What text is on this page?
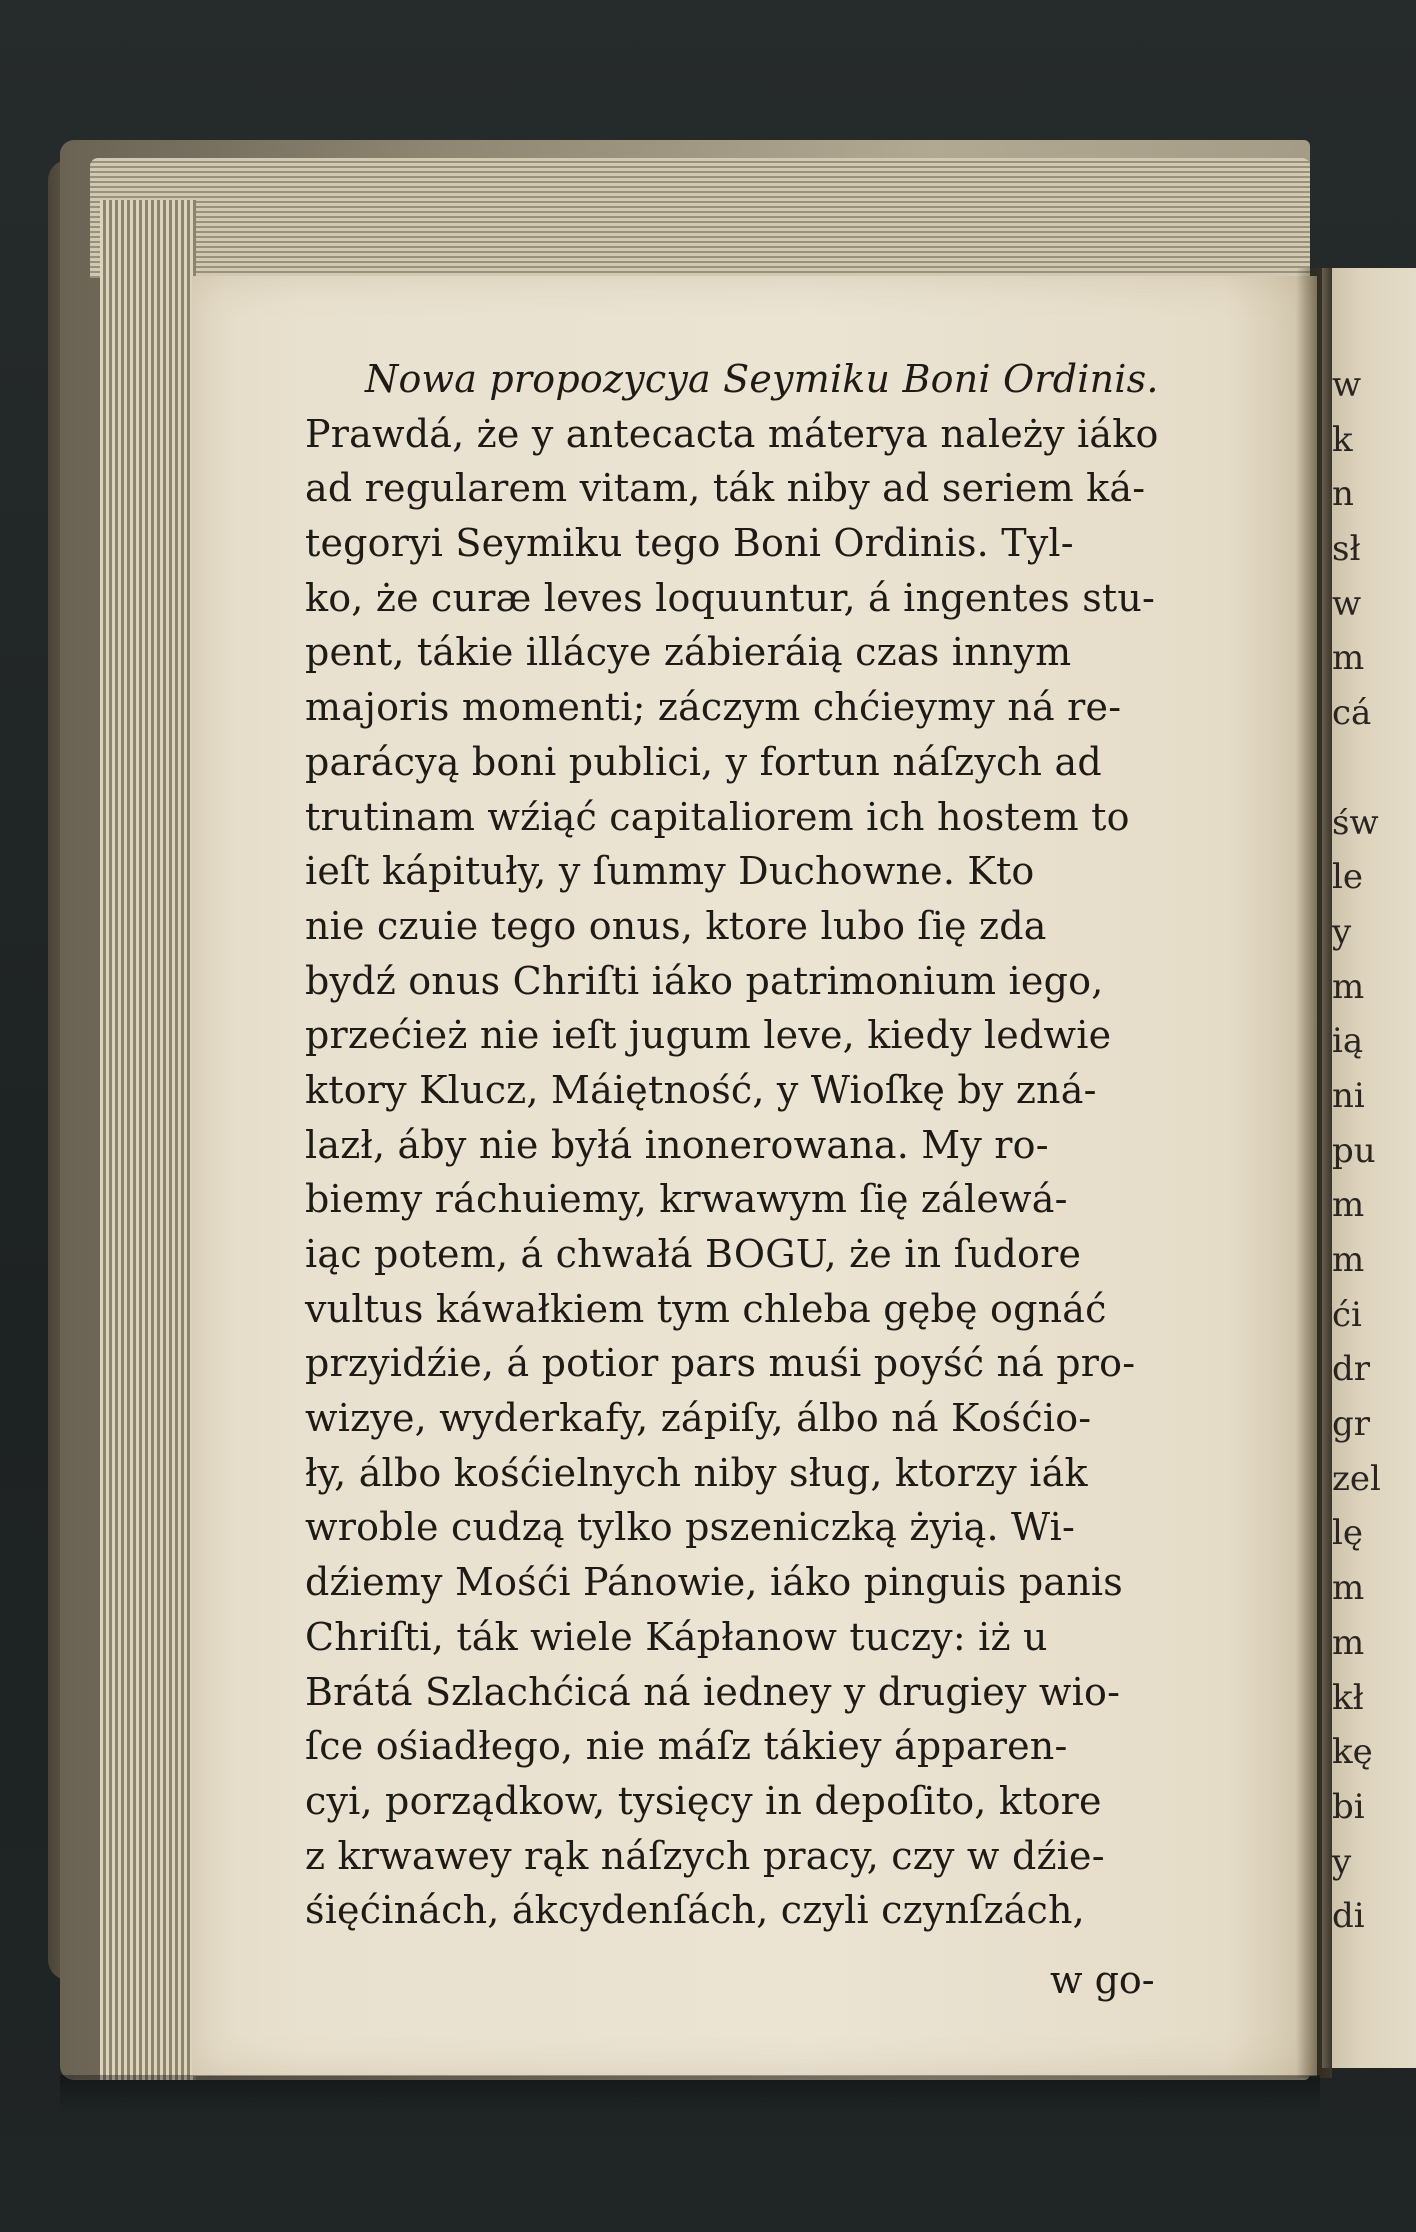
w
k
n
sł
w
m
cá
św
le
y
m
ią
ni
pu
m
m
ći
dr
gr
zel
lę
m
m
kł
kę
bi
y
di
Nowa propozycya Seymiku Boni Ordinis.
Prawdá, że y antecacta máterya należy iáko
ad regularem vitam, ták niby ad seriem ká-
tegoryi Seymiku tego Boni Ordinis. Tyl-
ko, że curæ leves loquuntur, á ingentes stu-
pent, tákie illácye zábieráią czas innym
majoris momenti; záczym chćieymy ná re-
parácyą boni publici, y fortun náſzych ad
trutinam wźiąć capitaliorem ich hostem to
ieſt kápituły, y ſummy Duchowne. Kto
nie czuie tego onus, ktore lubo ſię zda
bydź onus Chriſti iáko patrimonium iego,
przećież nie ieſt jugum leve, kiedy ledwie
ktory Klucz, Máiętność, y Wioſkę by zná-
lazł, áby nie byłá inonerowana. My ro-
biemy ráchuiemy, krwawym ſię zálewá-
iąc potem, á chwałá BOGU, że in ſudore
vultus káwałkiem tym chleba gębę ognáć
przyidźie, á potior pars muśi poyść ná pro-
wizye, wyderkafy, zápiſy, álbo ná Kośćio-
ły, álbo kośćielnych niby sług, ktorzy iák
wroble cudzą tylko pszeniczką żyią. Wi-
dźiemy Mośći Pánowie, iáko pinguis panis
Chriſti, ták wiele Kápłanow tuczy: iż u
Brátá Szlachćicá ná iedney y drugiey wio-
ſce ośiadłego, nie máſz tákiey ápparen-
cyi, porządkow, tysięcy in depoſito, ktore
z krwawey rąk náſzych pracy, czy w dźie-
śięćinách, ákcydenſách, czyli czynſzách,
w go-
